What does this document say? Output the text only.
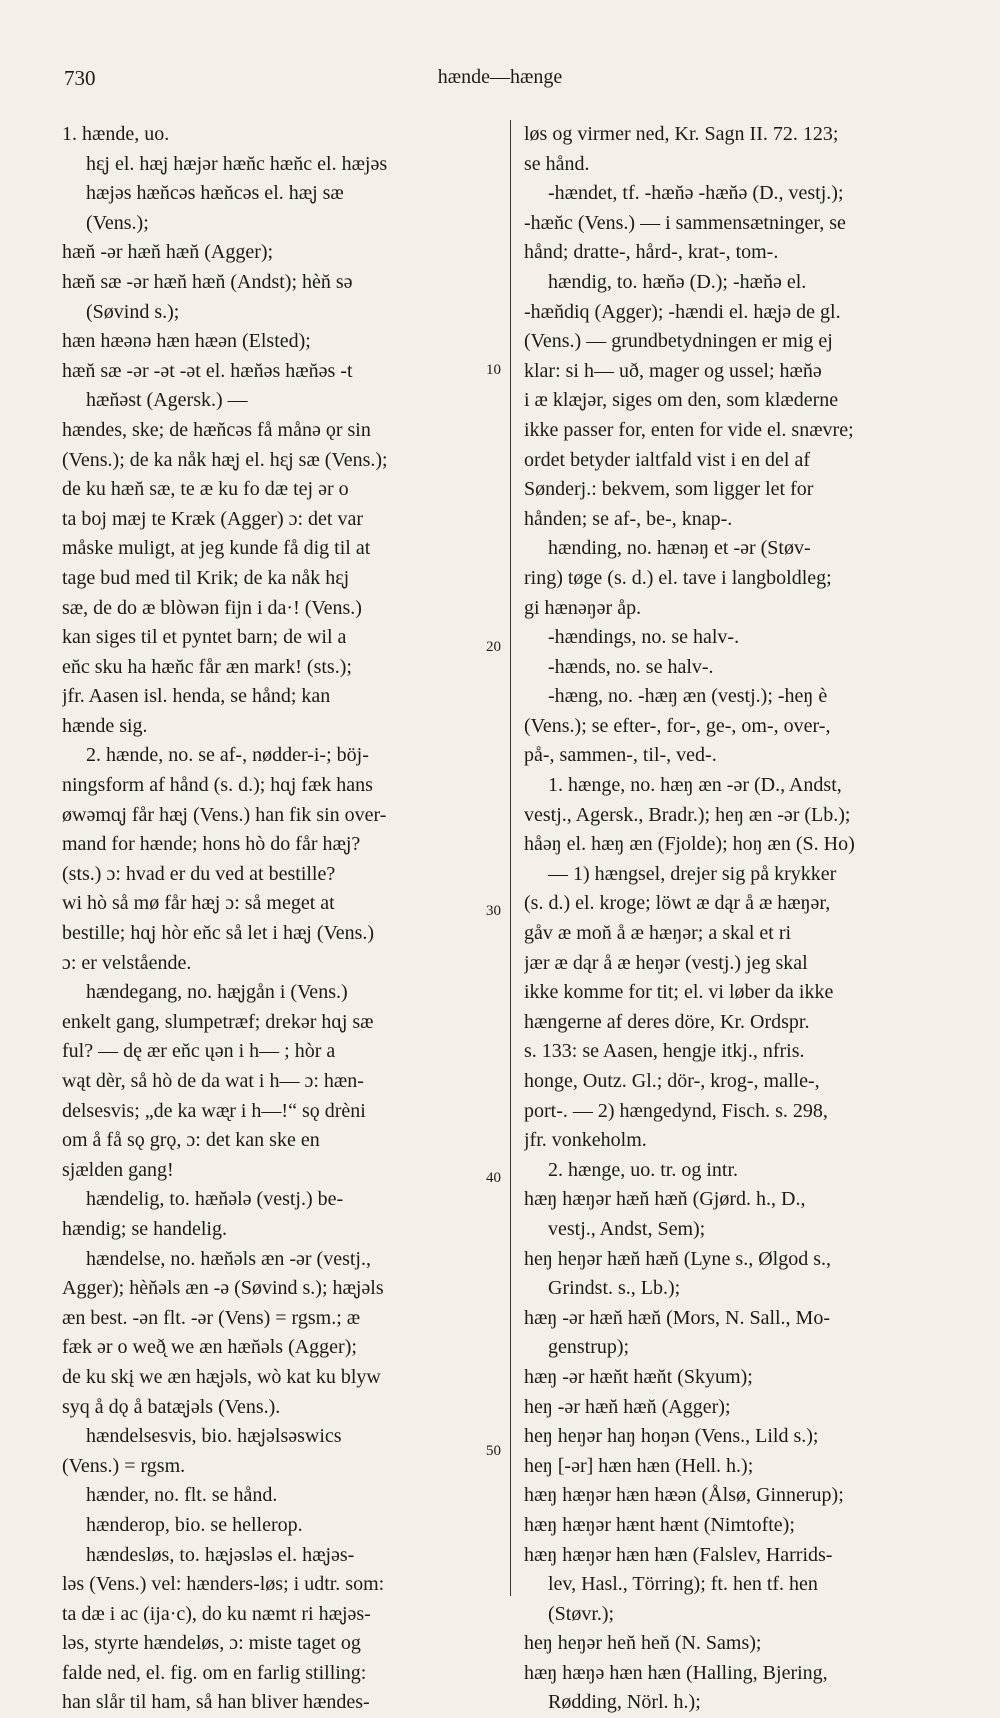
730	hænde—hænge

1. hænde, uo.

hɛ̨j el. hæ̨j hæjər hæn̆c hæn̆c el. hæjəs

hæjəs hæn̆cəs hæn̆cəs el. hæ̨j sæ

(Vens.);

hæn̆ -ər hæn̆ hæn̆ (Agger);

hæn̆ sæ -ər hæn̆ hæn̆ (Andst); hèn̆ sə

(Søvind s.);

hæn hæənə hæn hæən (Elsted);

hæn̆ sæ -ər -ət -ət el. hæn̆əs hæn̆əs -t

hæn̆əst (Agersk.) —

hændes, ske; de hæn̆cəs få månə ǫr sin

(Vens.); de ka nåk hæ̨j el. hɛ̨j sæ (Vens.);

de ku hæn̆ sæ, te æ ku fo dæ tej ər o

ta boj mæj te Kræk (Agger) ɔ: det var

måske muligt, at jeg kunde få dig til at

tage bud med til Krik; de ka nåk hɛ̨j

sæ, de do æ blòwən fijn i da·! (Vens.)

kan siges til et pyntet barn; de wil a

en̆c sku ha hæn̆c får æn mark! (sts.);

jfr. Aasen isl. henda, se hånd; kan

hænde sig.

2. hænde, no. se af-, nødder-i-; böj-

ningsform af hånd (s. d.); hɑ̨j fæk hans

øwəmɑ̨j får hæ̨j (Vens.) han fik sin over-

mand for hænde; hons hò do får hæ̨j?

(sts.) ɔ: hvad er du ved at bestille?

wi hò så mø får hæ̨j ɔ: så meget at

bestille; hɑ̨j hòr en̆c så let i hæ̨j (Vens.)

ɔ: er velstående.

hændegang, no. hæ̨jgån i (Vens.)

enkelt gang, slumpetræf; drekər hɑ̨j sæ

ful? — dę ær en̆c ųən i h— ; hòr a

wąt dèr, så hò de da wat i h— ɔ: hæn-

delsesvis; „de ka wæ̨r i h—!“ sǫ drèni

om å få sǫ grǫ, ɔ: det kan ske en

sjælden gang!

hændelig, to. hæn̆ələ (vestj.) be-

hændig; se handelig.

hændelse, no. hæn̆əls æn -ər (vestj.,

Agger); hèn̆əls æn -ə (Søvind s.); hæ̨jəls

æn best. -ən flt. -ər (Vens) = rgsm.; æ

fæk ər o weð̨ we æn hæn̆əls (Agger);

de ku skį we æn hæ̨jəls, wò kat ku blyw

syq å dǫ å batæ̨jəls (Vens.).

hændelsesvis, bio. hæ̨jəlsəswics

(Vens.) = rgsm.

hænder, no. flt. se hånd.

hænderop, bio. se hellerop.

hændesløs, to. hæ̨jəsləs el. hæ̨jəs-

ləs (Vens.) vel: hænders-løs; i udtr. som:

ta dæ i ac (ija·c), do ku næmt ri hæ̨jəs-

ləs, styrte hændeløs, ɔ: miste taget og

falde ned, el. fig. om en farlig stilling:

han slår til ham, så han bliver hændes-

løs og virmer ned, Kr. Sagn II. 72. 123;

se hånd.

-hændet, tf. -hæn̆ə -hæn̆ə (D., vestj.);

-hæn̆c (Vens.) — i sammensætninger, se

hånd; dratte-, hård-, krat-, tom-.

hændig, to. hæn̆ə (D.); -hæn̆ə el.

-hæn̆diq (Agger); -hændi el. hæ̨jə de gl.

(Vens.) — grundbetydningen er mig ej

klar: si h— uð, mager og ussel; hæn̆ə

i æ klæ̨jər, siges om den, som klæderne

ikke passer for, enten for vide el. snævre;

ordet betyder ialtfald vist i en del af

Sønderj.: bekvem, som ligger let for

hånden; se af-, be-, knap-.

hænding, no. hænəŋ et -ər (Støv-

ring) tøge (s. d.) el. tave i langboldleg;

gi hænəŋər åp.

-hændings, no. se halv-.

-hænds, no. se halv-.

-hæng, no. -hæŋ æn (vestj.); -heŋ è

(Vens.); se efter-, for-, ge-, om-, over-,

på-, sammen-, til-, ved-.

1. hænge, no. hæŋ æn -ər (D., Andst,

vestj., Agersk., Bradr.); heŋ æn -ər (Lb.);

håəŋ el. hæŋ æn (Fjolde); hoŋ æn (S. Ho)

— 1) hængsel, drejer sig på krykker

(s. d.) el. kroge; löwt æ dąr å æ hæŋər,

gåv æ mon̆ å æ hæŋər; a skal et ri

jær æ dąr å æ heŋər (vestj.) jeg skal

ikke komme for tit; el. vi løber da ikke

hængerne af deres döre, Kr. Ordspr.

s. 133: se Aasen, hengje itkj., nfris.

honge, Outz. Gl.; dör-, krog-, malle-,

port-. — 2) hængedynd, Fisch. s. 298,

jfr. vonkeholm.

2. hænge, uo. tr. og intr.

hæŋ hæŋər hæn̆ hæn̆ (Gjørd. h., D.,

vestj., Andst, Sem);

heŋ heŋər hæn̆ hæn̆ (Lyne s., Ølgod s.,

Grindst. s., Lb.);

hæŋ -ər hæn̆ hæn̆ (Mors, N. Sall., Mo-

genstrup);

hæŋ -ər hæn̆t hæn̆t (Skyum);

heŋ -ər hæn̆ hæn̆ (Agger);

heŋ heŋər haŋ hoŋən (Vens., Lild s.);

heŋ [-ər] hæn hæn (Hell. h.);

hæŋ hæŋər hæn hæən (Ålsø, Ginnerup);

hæŋ hæŋər hænt hænt (Nimtofte);

hæŋ hæŋər hæn hæn (Falslev, Harrids-

lev, Hasl., Törring); ft. hen tf. hen

(Støvr.);

heŋ heŋər hen̆ hen̆ (N. Sams);

hæŋ hæŋə hæn hæn (Halling, Bjering,

Rødding, Nörl. h.);

10
20
30
40
50
